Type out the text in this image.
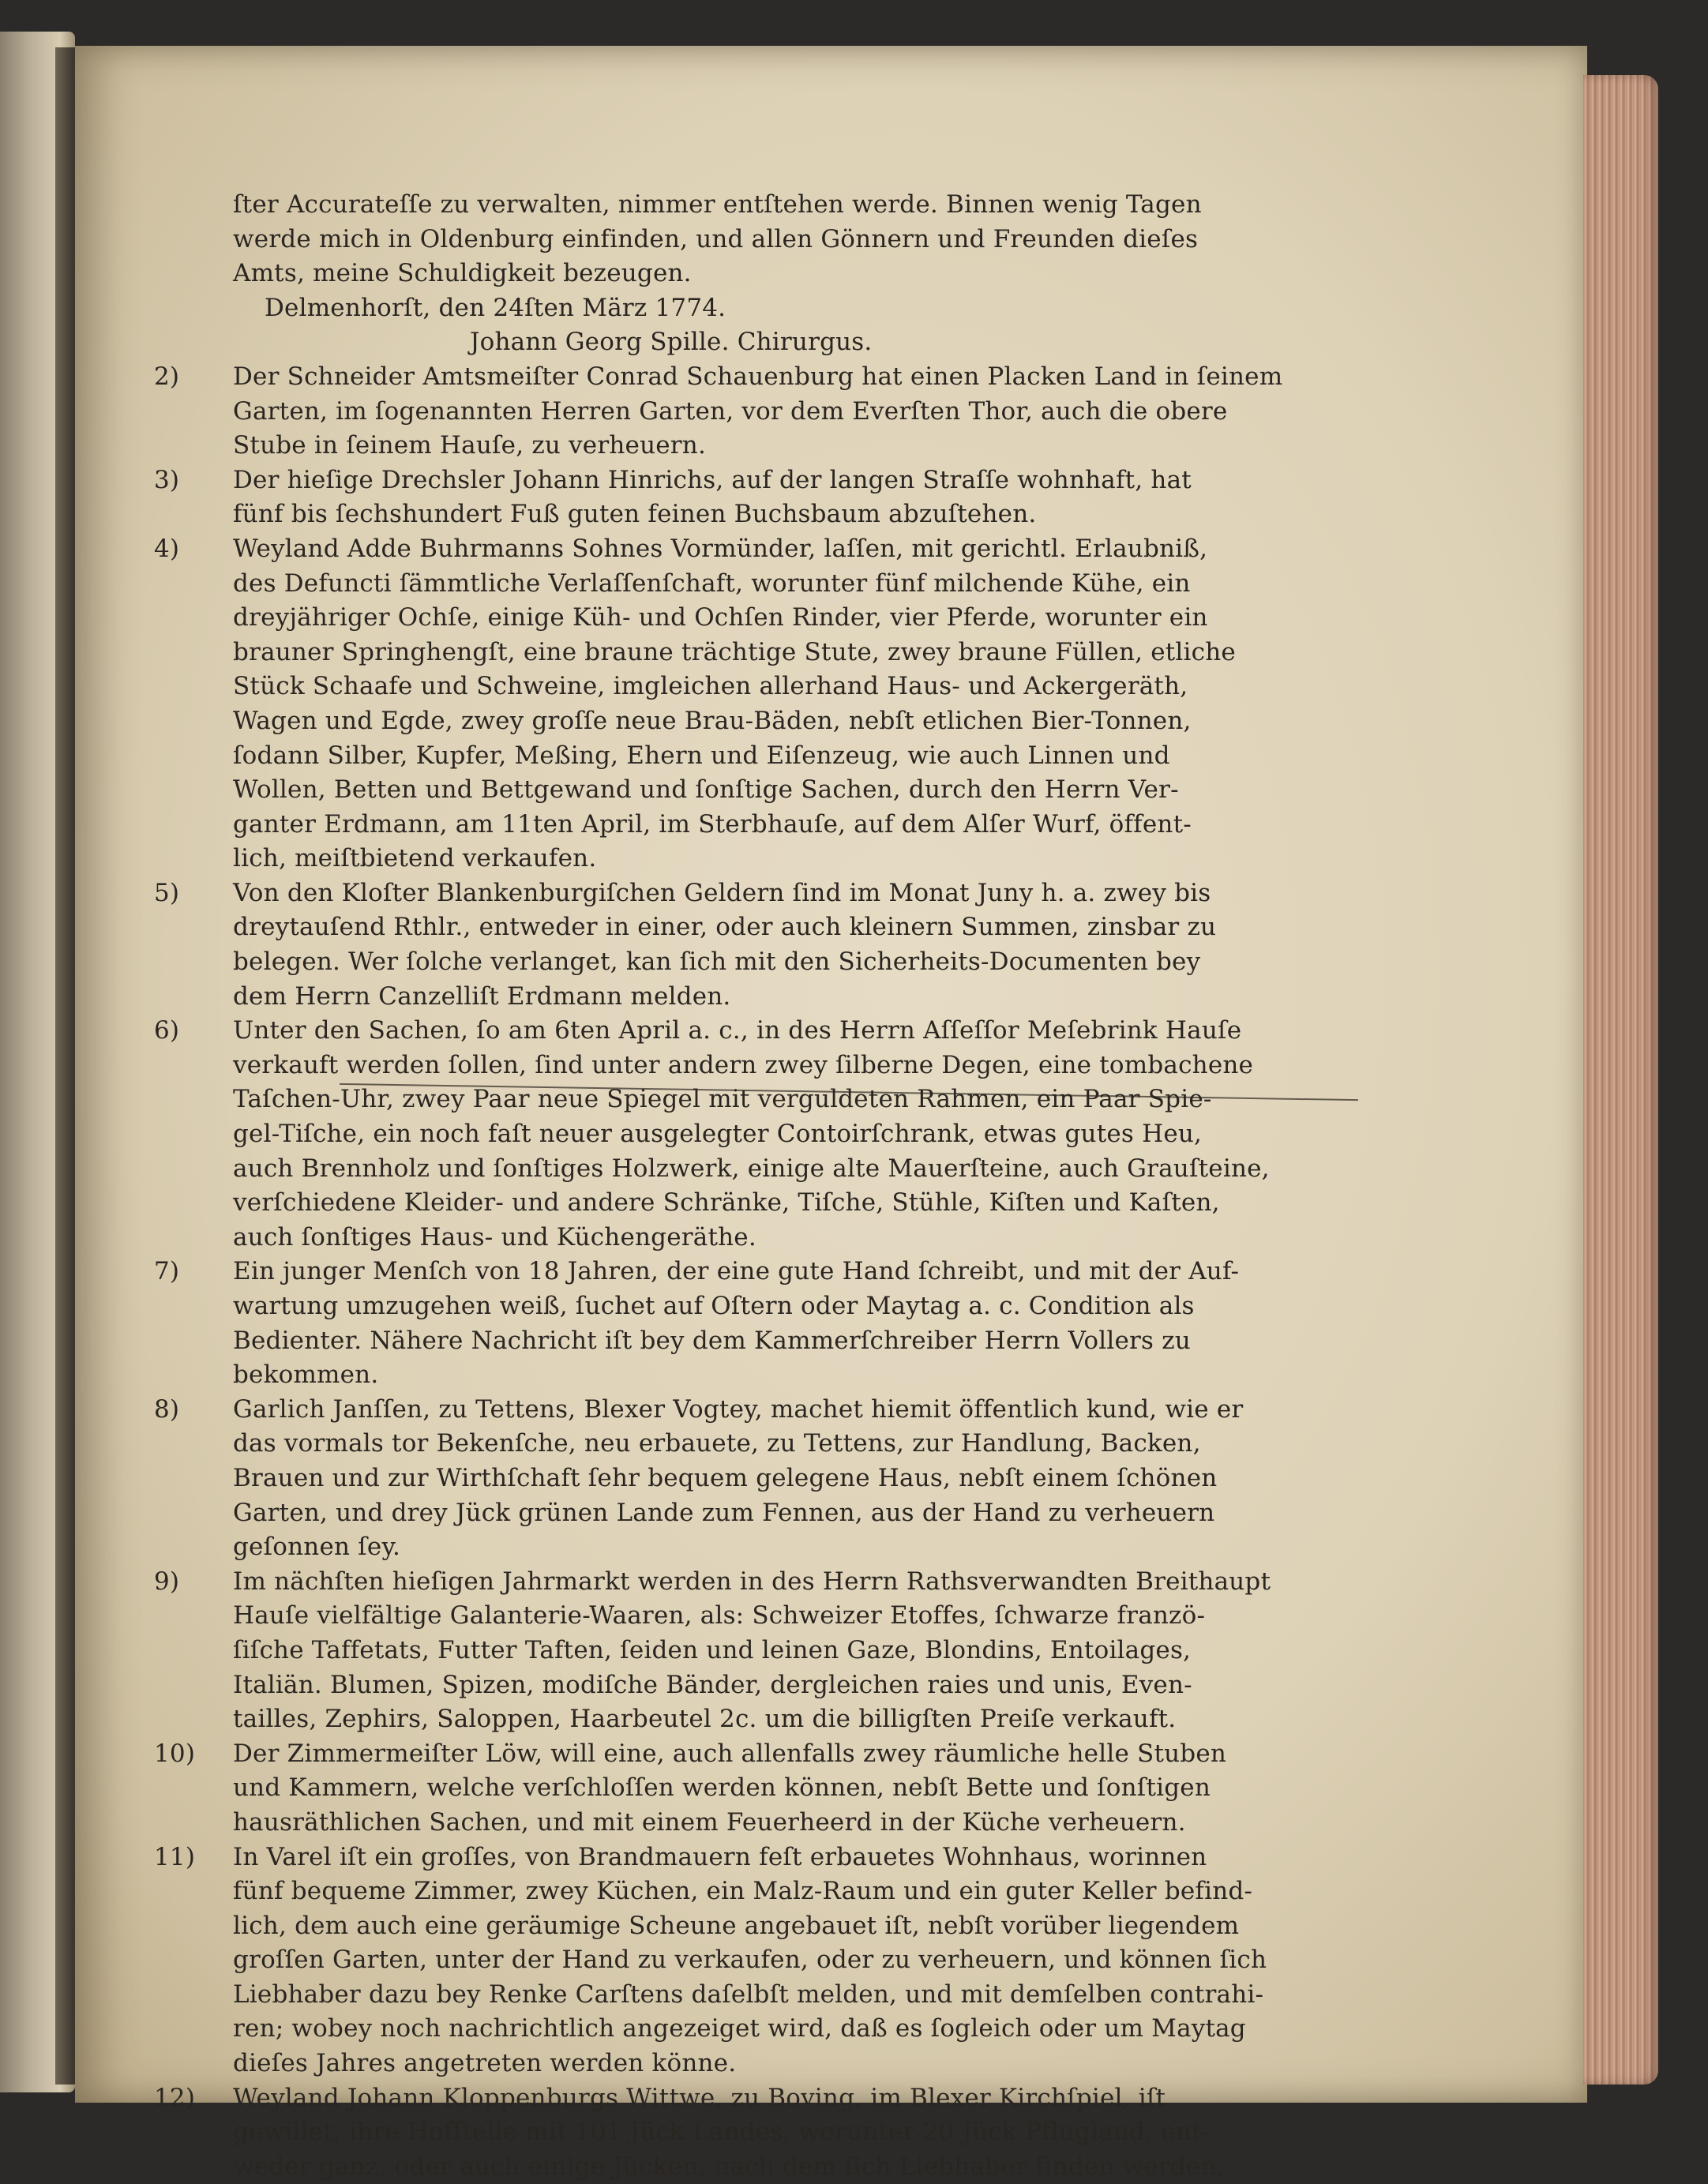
ſter Accurateſſe zu verwalten, nimmer entſtehen werde. Binnen wenig Tagen
werde mich in Oldenburg einfinden, und allen Gönnern und Freunden dieſes
Amts, meine Schuldigkeit bezeugen.
Delmenhorſt, den 24ſten März 1774.
Johann Georg Spille. Chirurgus.
2) Der Schneider Amtsmeiſter Conrad Schauenburg hat einen Placken Land in ſeinem
Garten, im ſogenannten Herren Garten, vor dem Everſten Thor, auch die obere
Stube in ſeinem Hauſe, zu verheuern.
3) Der hieſige Drechsler Johann Hinrichs, auf der langen Straſſe wohnhaft, hat
fünf bis ſechshundert Fuß guten feinen Buchsbaum abzuſtehen.
4) Weyland Adde Buhrmanns Sohnes Vormünder, laſſen, mit gerichtl. Erlaubniß,
des Defuncti ſämmtliche Verlaſſenſchaft, worunter fünf milchende Kühe, ein
dreyjähriger Ochſe, einige Küh- und Ochſen Rinder, vier Pferde, worunter ein
brauner Springhengſt, eine braune trächtige Stute, zwey braune Füllen, etliche
Stück Schaafe und Schweine, imgleichen allerhand Haus- und Ackergeräth,
Wagen und Egde, zwey groſſe neue Brau-Bäden, nebſt etlichen Bier-Tonnen,
ſodann Silber, Kupfer, Meßing, Ehern und Eiſenzeug, wie auch Linnen und
Wollen, Betten und Bettgewand und ſonſtige Sachen, durch den Herrn Ver-
ganter Erdmann, am 11ten April, im Sterbhauſe, auf dem Alſer Wurf, öffent-
lich, meiſtbietend verkaufen.
5) Von den Kloſter Blankenburgiſchen Geldern ſind im Monat Juny h. a. zwey bis
dreytauſend Rthlr., entweder in einer, oder auch kleinern Summen, zinsbar zu
belegen. Wer ſolche verlanget, kan ſich mit den Sicherheits-Documenten bey
dem Herrn Canzelliſt Erdmann melden.
6) Unter den Sachen, ſo am 6ten April a. c., in des Herrn Aſſeſſor Meſebrink Hauſe
verkauft werden ſollen, ſind unter andern zwey ſilberne Degen, eine tombachene
Taſchen-Uhr, zwey Paar neue Spiegel mit verguldeten Rahmen, ein Paar Spie-
gel-Tiſche, ein noch faſt neuer ausgelegter Contoirſchrank, etwas gutes Heu,
auch Brennholz und ſonſtiges Holzwerk, einige alte Mauerſteine, auch Grauſteine,
verſchiedene Kleider- und andere Schränke, Tiſche, Stühle, Kiſten und Kaſten,
auch ſonſtiges Haus- und Küchengeräthe.
7) Ein junger Menſch von 18 Jahren, der eine gute Hand ſchreibt, und mit der Auf-
wartung umzugehen weiß, ſuchet auf Oſtern oder Maytag a. c. Condition als
Bedienter. Nähere Nachricht iſt bey dem Kammerſchreiber Herrn Vollers zu
bekommen.
8) Garlich Janſſen, zu Tettens, Blexer Vogtey, machet hiemit öffentlich kund, wie er
das vormals tor Bekenſche, neu erbauete, zu Tettens, zur Handlung, Backen,
Brauen und zur Wirthſchaft ſehr bequem gelegene Haus, nebſt einem ſchönen
Garten, und drey Jück grünen Lande zum Fennen, aus der Hand zu verheuern
geſonnen ſey.
9) Im nächſten hieſigen Jahrmarkt werden in des Herrn Rathsverwandten Breithaupt
Hauſe vielfältige Galanterie-Waaren, als: Schweizer Etoffes, ſchwarze franzö-
ſiſche Taffetats, Futter Taften, ſeiden und leinen Gaze, Blondins, Entoilages,
Italiän. Blumen, Spizen, modiſche Bänder, dergleichen raies und unis, Even-
tailles, Zephirs, Saloppen, Haarbeutel 2c. um die billigſten Preiſe verkauft.
10) Der Zimmermeiſter Löw, will eine, auch allenfalls zwey räumliche helle Stuben
und Kammern, welche verſchloſſen werden können, nebſt Bette und ſonſtigen
hausräthlichen Sachen, und mit einem Feuerheerd in der Küche verheuern.
11) In Varel iſt ein groſſes, von Brandmauern feſt erbauetes Wohnhaus, worinnen
fünf bequeme Zimmer, zwey Küchen, ein Malz-Raum und ein guter Keller befind-
lich, dem auch eine geräumige Scheune angebauet iſt, nebſt vorüber liegendem
groſſen Garten, unter der Hand zu verkaufen, oder zu verheuern, und können ſich
Liebhaber dazu bey Renke Carſtens daſelbſt melden, und mit demſelben contrahi-
ren; wobey noch nachrichtlich angezeiget wird, daß es ſogleich oder um Maytag
dieſes Jahres angetreten werden könne.
12) Weyland Johann Kloppenburgs Wittwe, zu Boving, im Blexer Kirchſpiel, iſt
gewillet, ihre Hofſtelle mit 101 Jück Landes, worunter 20 Jück Pflugland, ent-
weder ganz, oder auch einige Jücken, nach dem ſich Liebhaber finden werden,
